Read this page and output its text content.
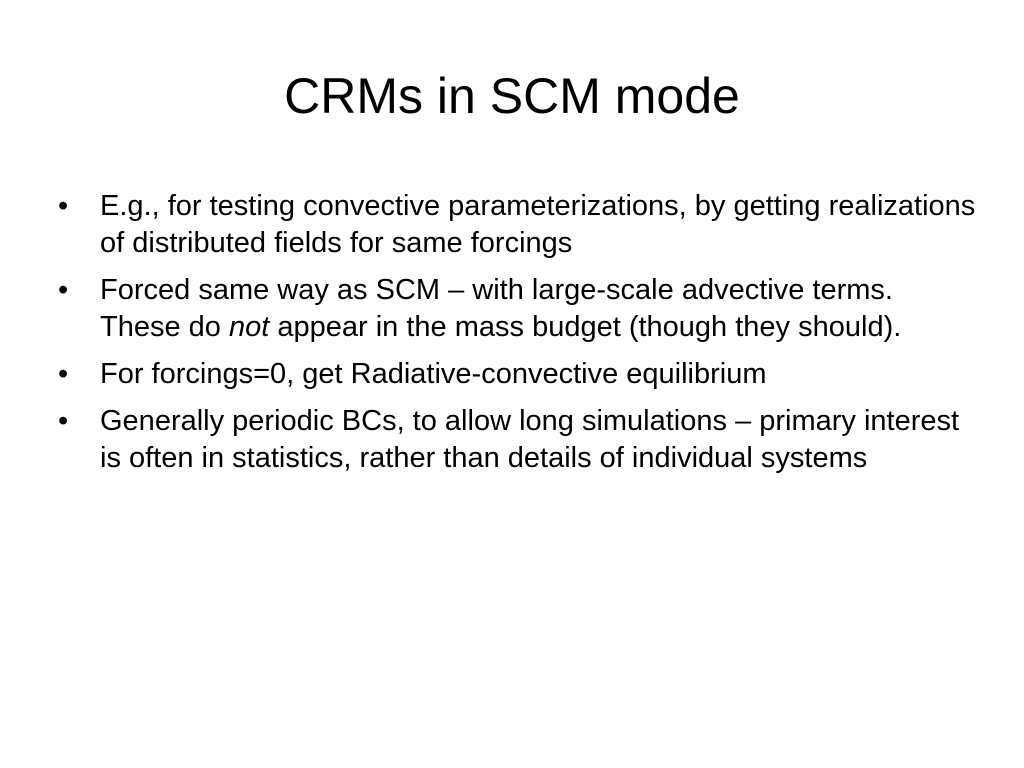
CRMs in SCM mode
•	E.g., for testing convective parameterizations, by getting realizations of distributed fields for same forcings
•	Forced same way as SCM – with large-scale advective terms. These do not appear in the mass budget (though they should).
•	For forcings=0, get Radiative-convective equilibrium
•	Generally periodic BCs, to allow long simulations – primary interest is often in statistics, rather than details of individual systems
